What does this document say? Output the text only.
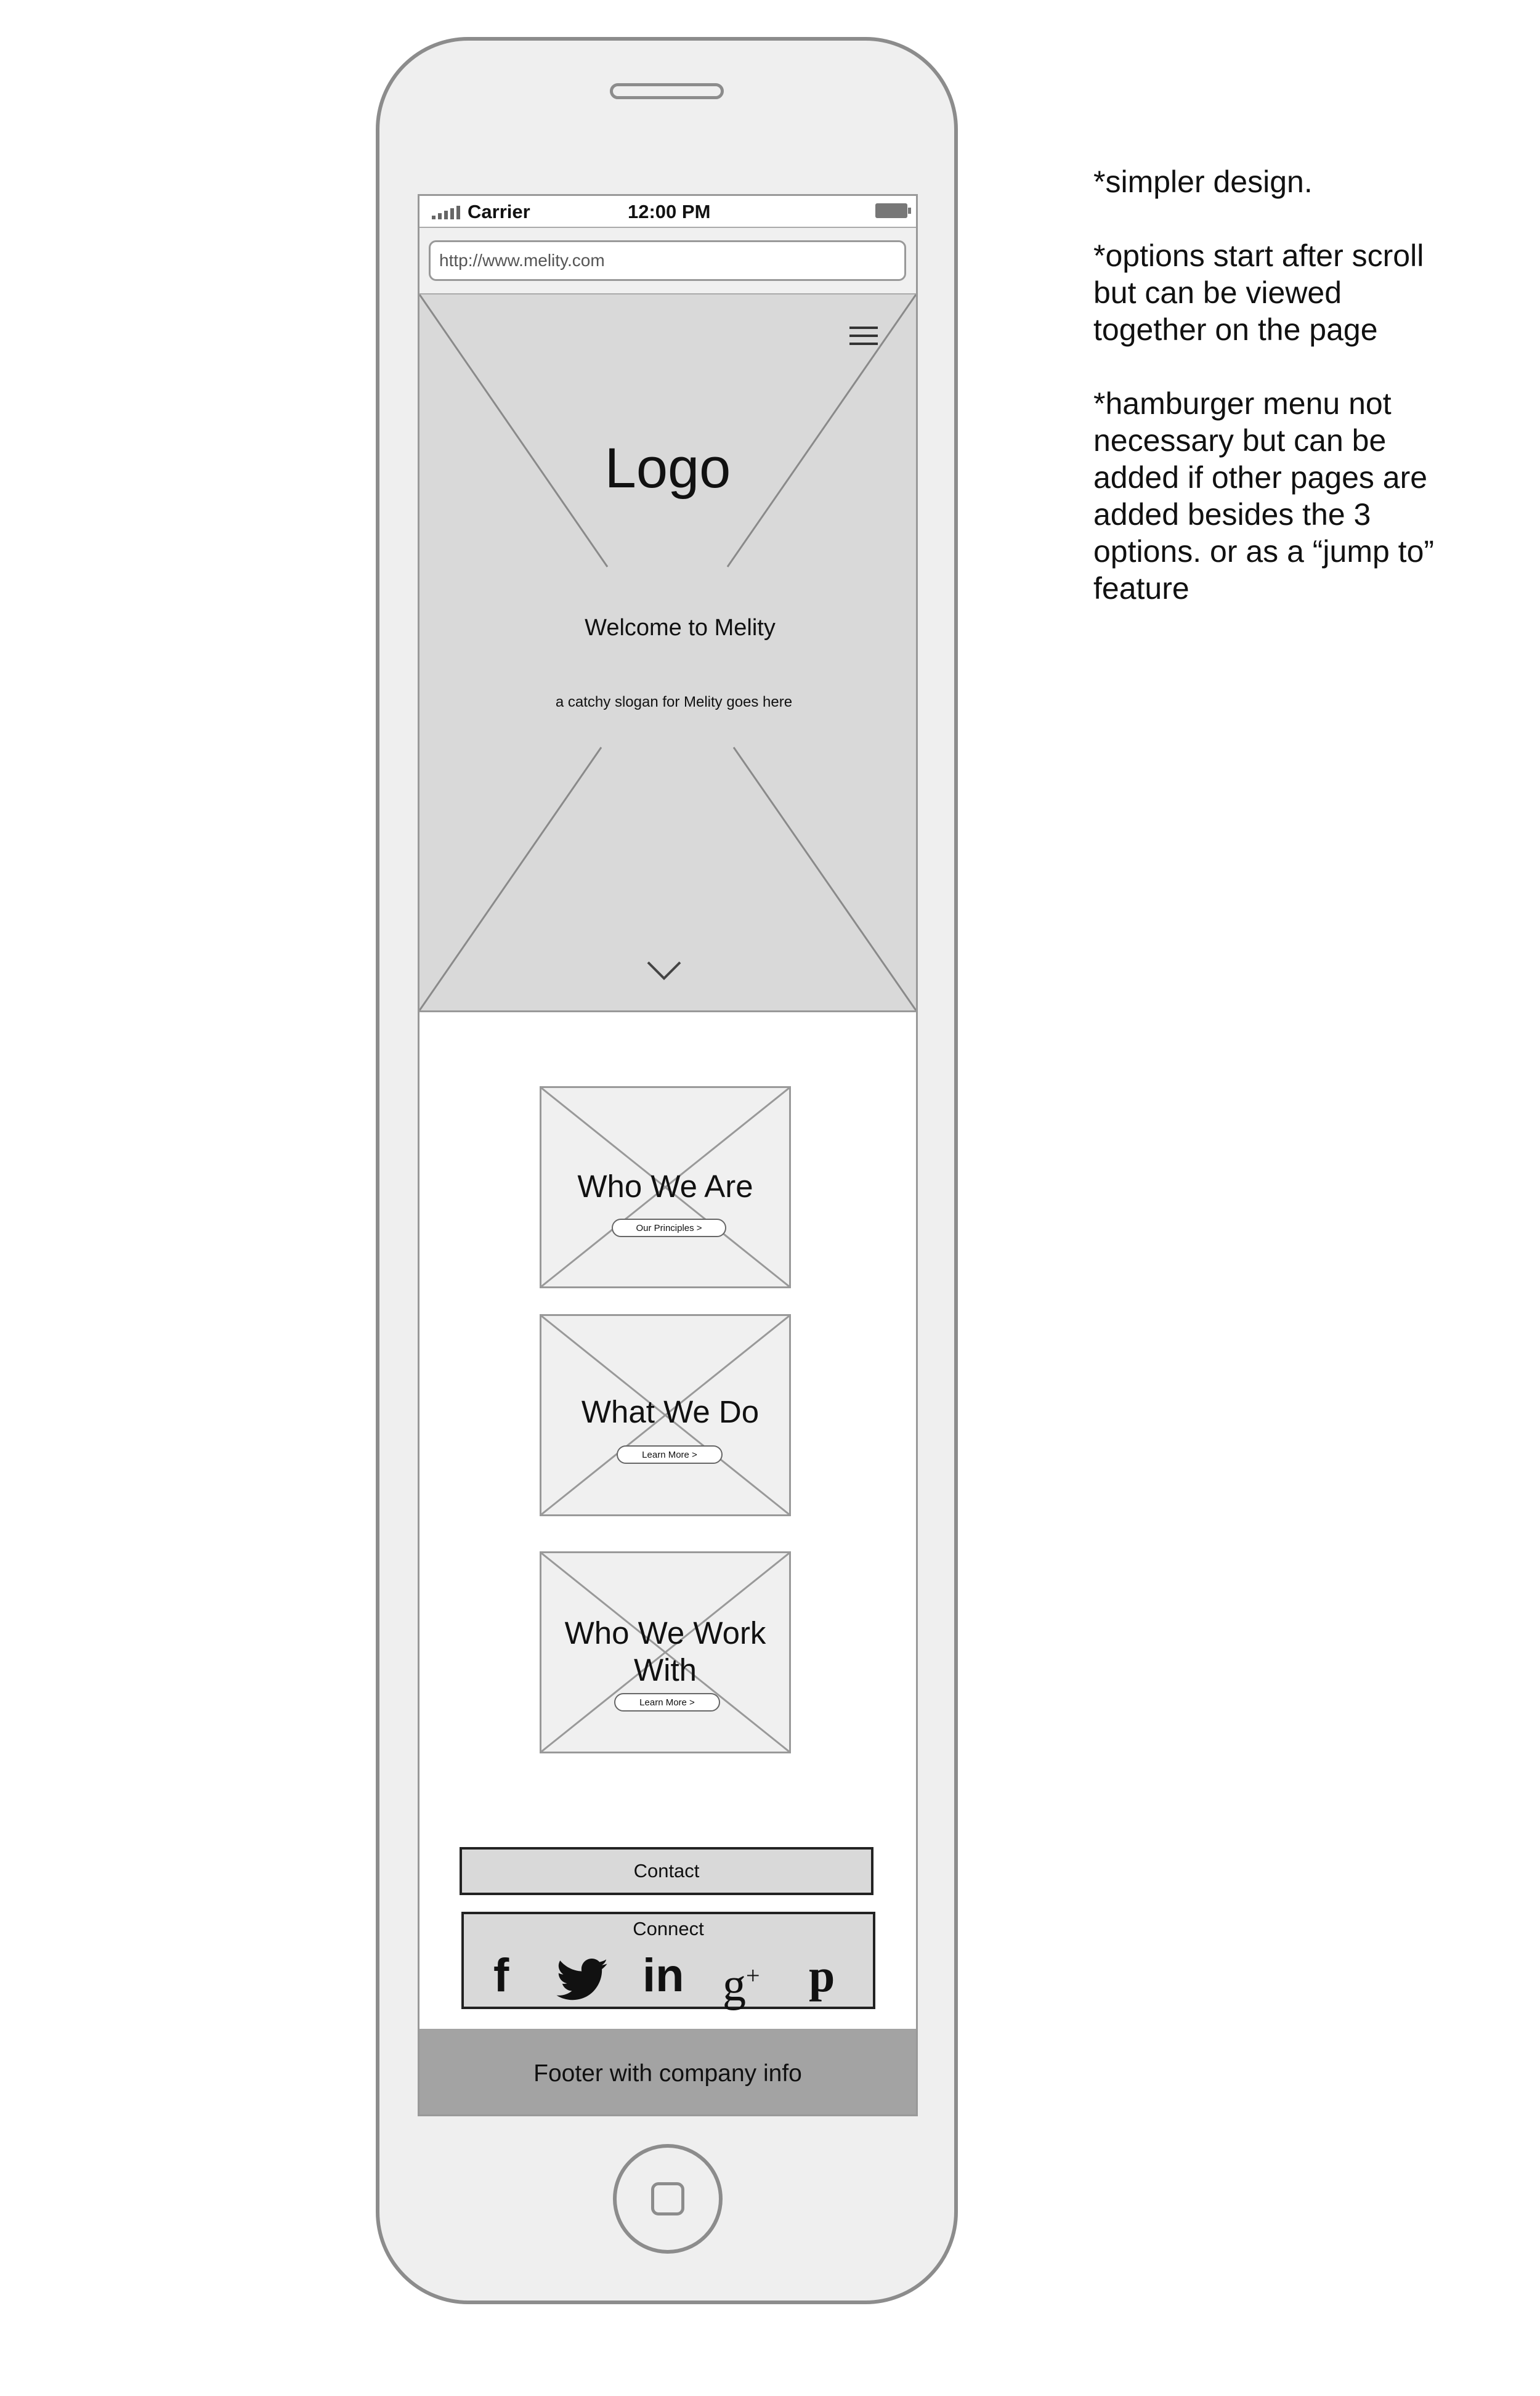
Carrier	12:00 PM
http://www.melity.com
Logo
Welcome to Melity
a catchy slogan for Melity goes here
Who We Are
Our Principles >
What We Do
Learn More >
Who We Work
With
Learn More >
Contact
Connect
f	in g+ p
Footer with company info

*simpler design.

*options start after scroll but can be viewed together on the page

*hamburger menu not necessary but can be added if other pages are added besides the 3 options. or as a “jump to” feature
